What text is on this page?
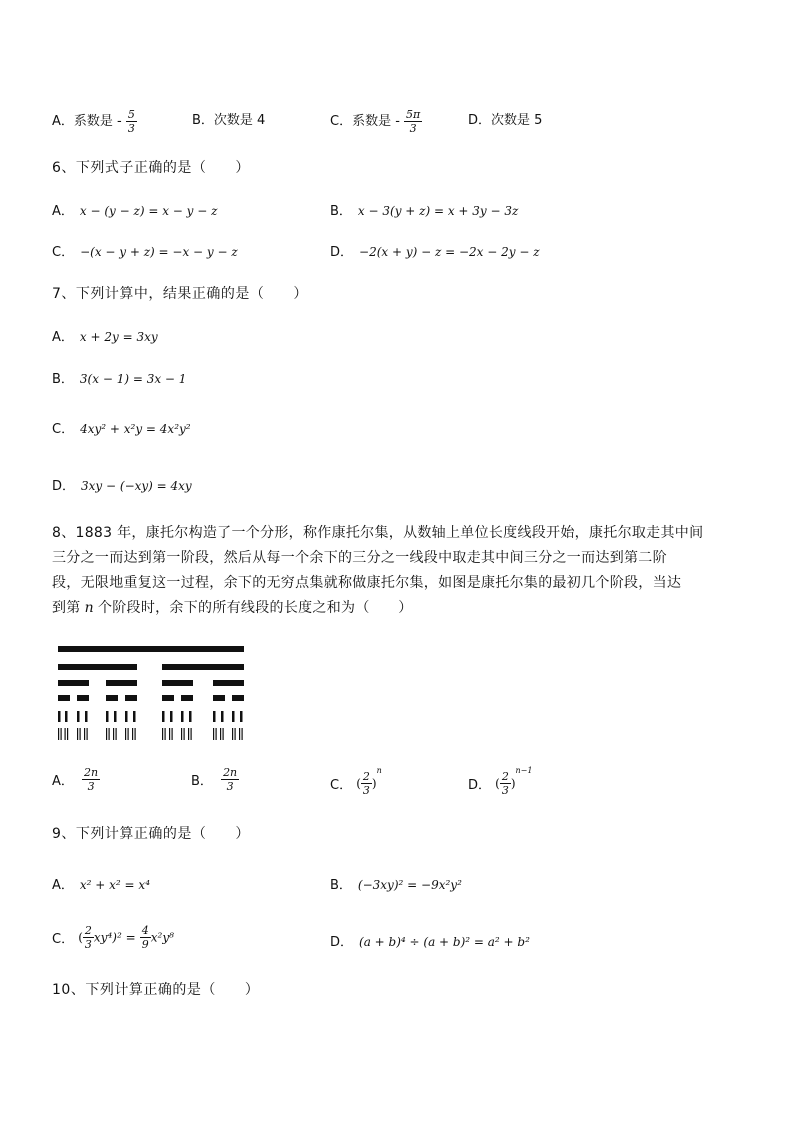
A．系数是 - $\frac{5}{3}$	B．次数是 4	C．系数是 - $\frac{5\pi}{3}$	D．次数是 5
6、下列式子正确的是（　　）
A． x − (y − z) = x − y − z	B． x − 3(y + z) = x + 3y − 3z
C． −(x − y + z) = −x − y − z	D． −2(x + y) − z = −2x − 2y − z
7、下列计算中，结果正确的是（　　）
A． x + 2y = 3xy
B． 3(x − 1) = 3x − 1
C． 4xy² + x²y = 4x²y²
D． 3xy − (−xy) = 4xy
8、1883 年，康托尔构造了一个分形，称作康托尔集，从数轴上单位长度线段开始，康托尔取走其中间
三分之一而达到第一阶段，然后从每一个余下的三分之一线段中取走其中间三分之一而达到第二阶
段，无限地重复这一过程，余下的无穷点集就称做康托尔集，如图是康托尔集的最初几个阶段，当达
到第 n 个阶段时，余下的所有线段的长度之和为（　　）
A． $\frac{2n}{3}$	B． $\frac{2n}{3}$	C． ( $\frac{2}{3} )^n$
D． ( $\frac{2}{3} )^{n-1}$
9、下列计算正确的是（　　）
A． x² + x² = x⁴	B． (−3xy)² = −9x²y²
C． ( $\frac{2}{3} xy^4)^2 = \frac{4}{9} x^2y^8$	D． (a + b)⁴ ÷ (a + b)² = a² + b²
10、下列计算正确的是（　　）
